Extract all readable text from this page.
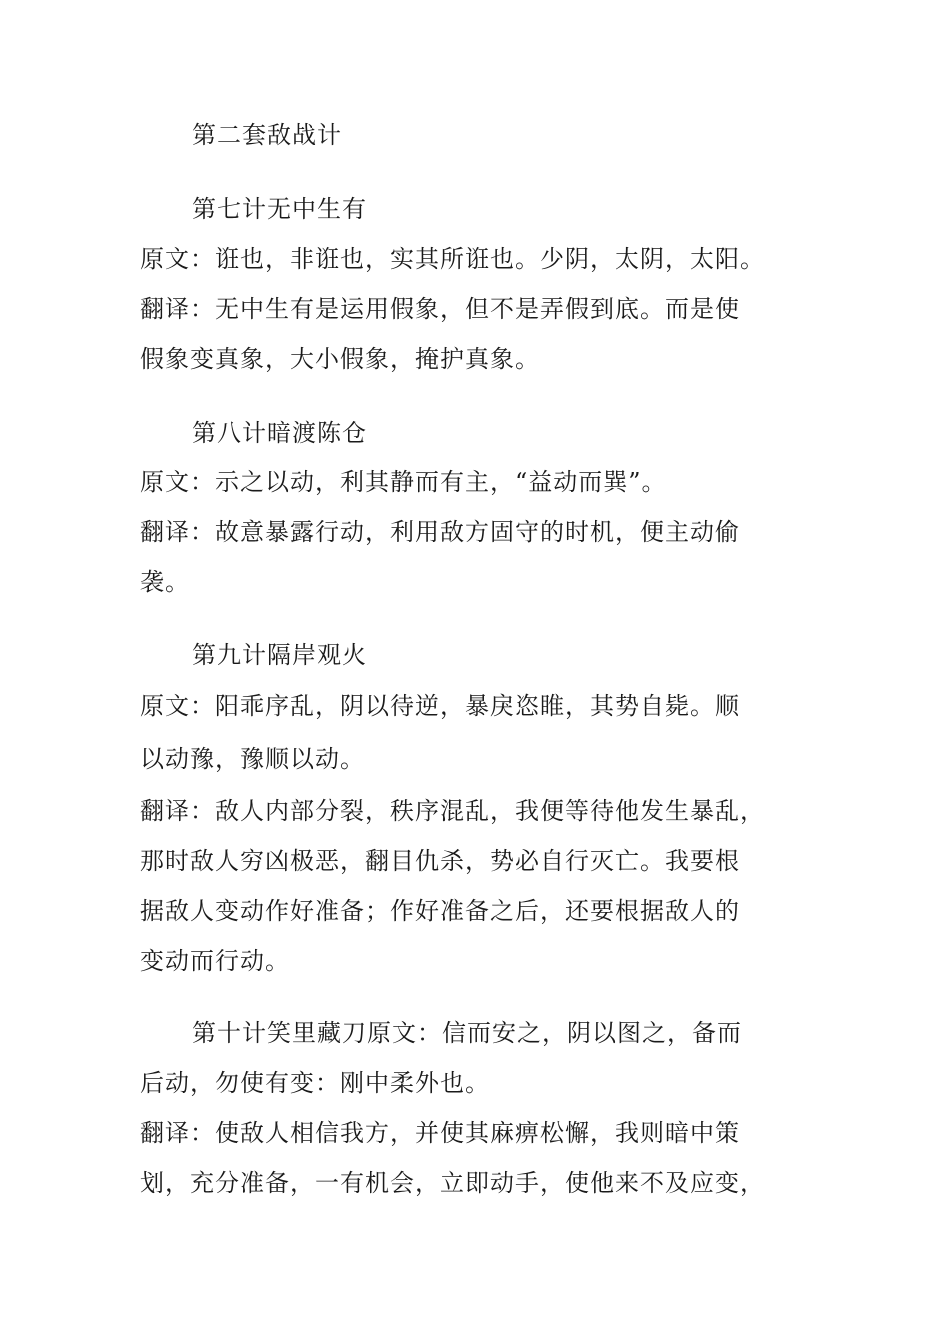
第二套敌战计
第七计无中生有
原文：诳也，非诳也，实其所诳也。少阴，太阴，太阳。
翻译：无中生有是运用假象，但不是弄假到底。而是使
假象变真象，大小假象，掩护真象。
第八计暗渡陈仓
原文：示之以动，利其静而有主，“益动而巽”。
翻译：故意暴露行动，利用敌方固守的时机，便主动偷
袭。
第九计隔岸观火
原文：阳乖序乱，阴以待逆，暴戾恣睢，其势自毙。顺
以动豫，豫顺以动。
翻译：敌人内部分裂，秩序混乱，我便等待他发生暴乱，
那时敌人穷凶极恶，翻目仇杀，势必自行灭亡。我要根
据敌人变动作好准备；作好准备之后，还要根据敌人的
变动而行动。
第十计笑里藏刀原文：信而安之，阴以图之，备而
后动，勿使有变：刚中柔外也。
翻译：使敌人相信我方，并使其麻痹松懈，我则暗中策
划，充分准备，一有机会，立即动手，使他来不及应变，
